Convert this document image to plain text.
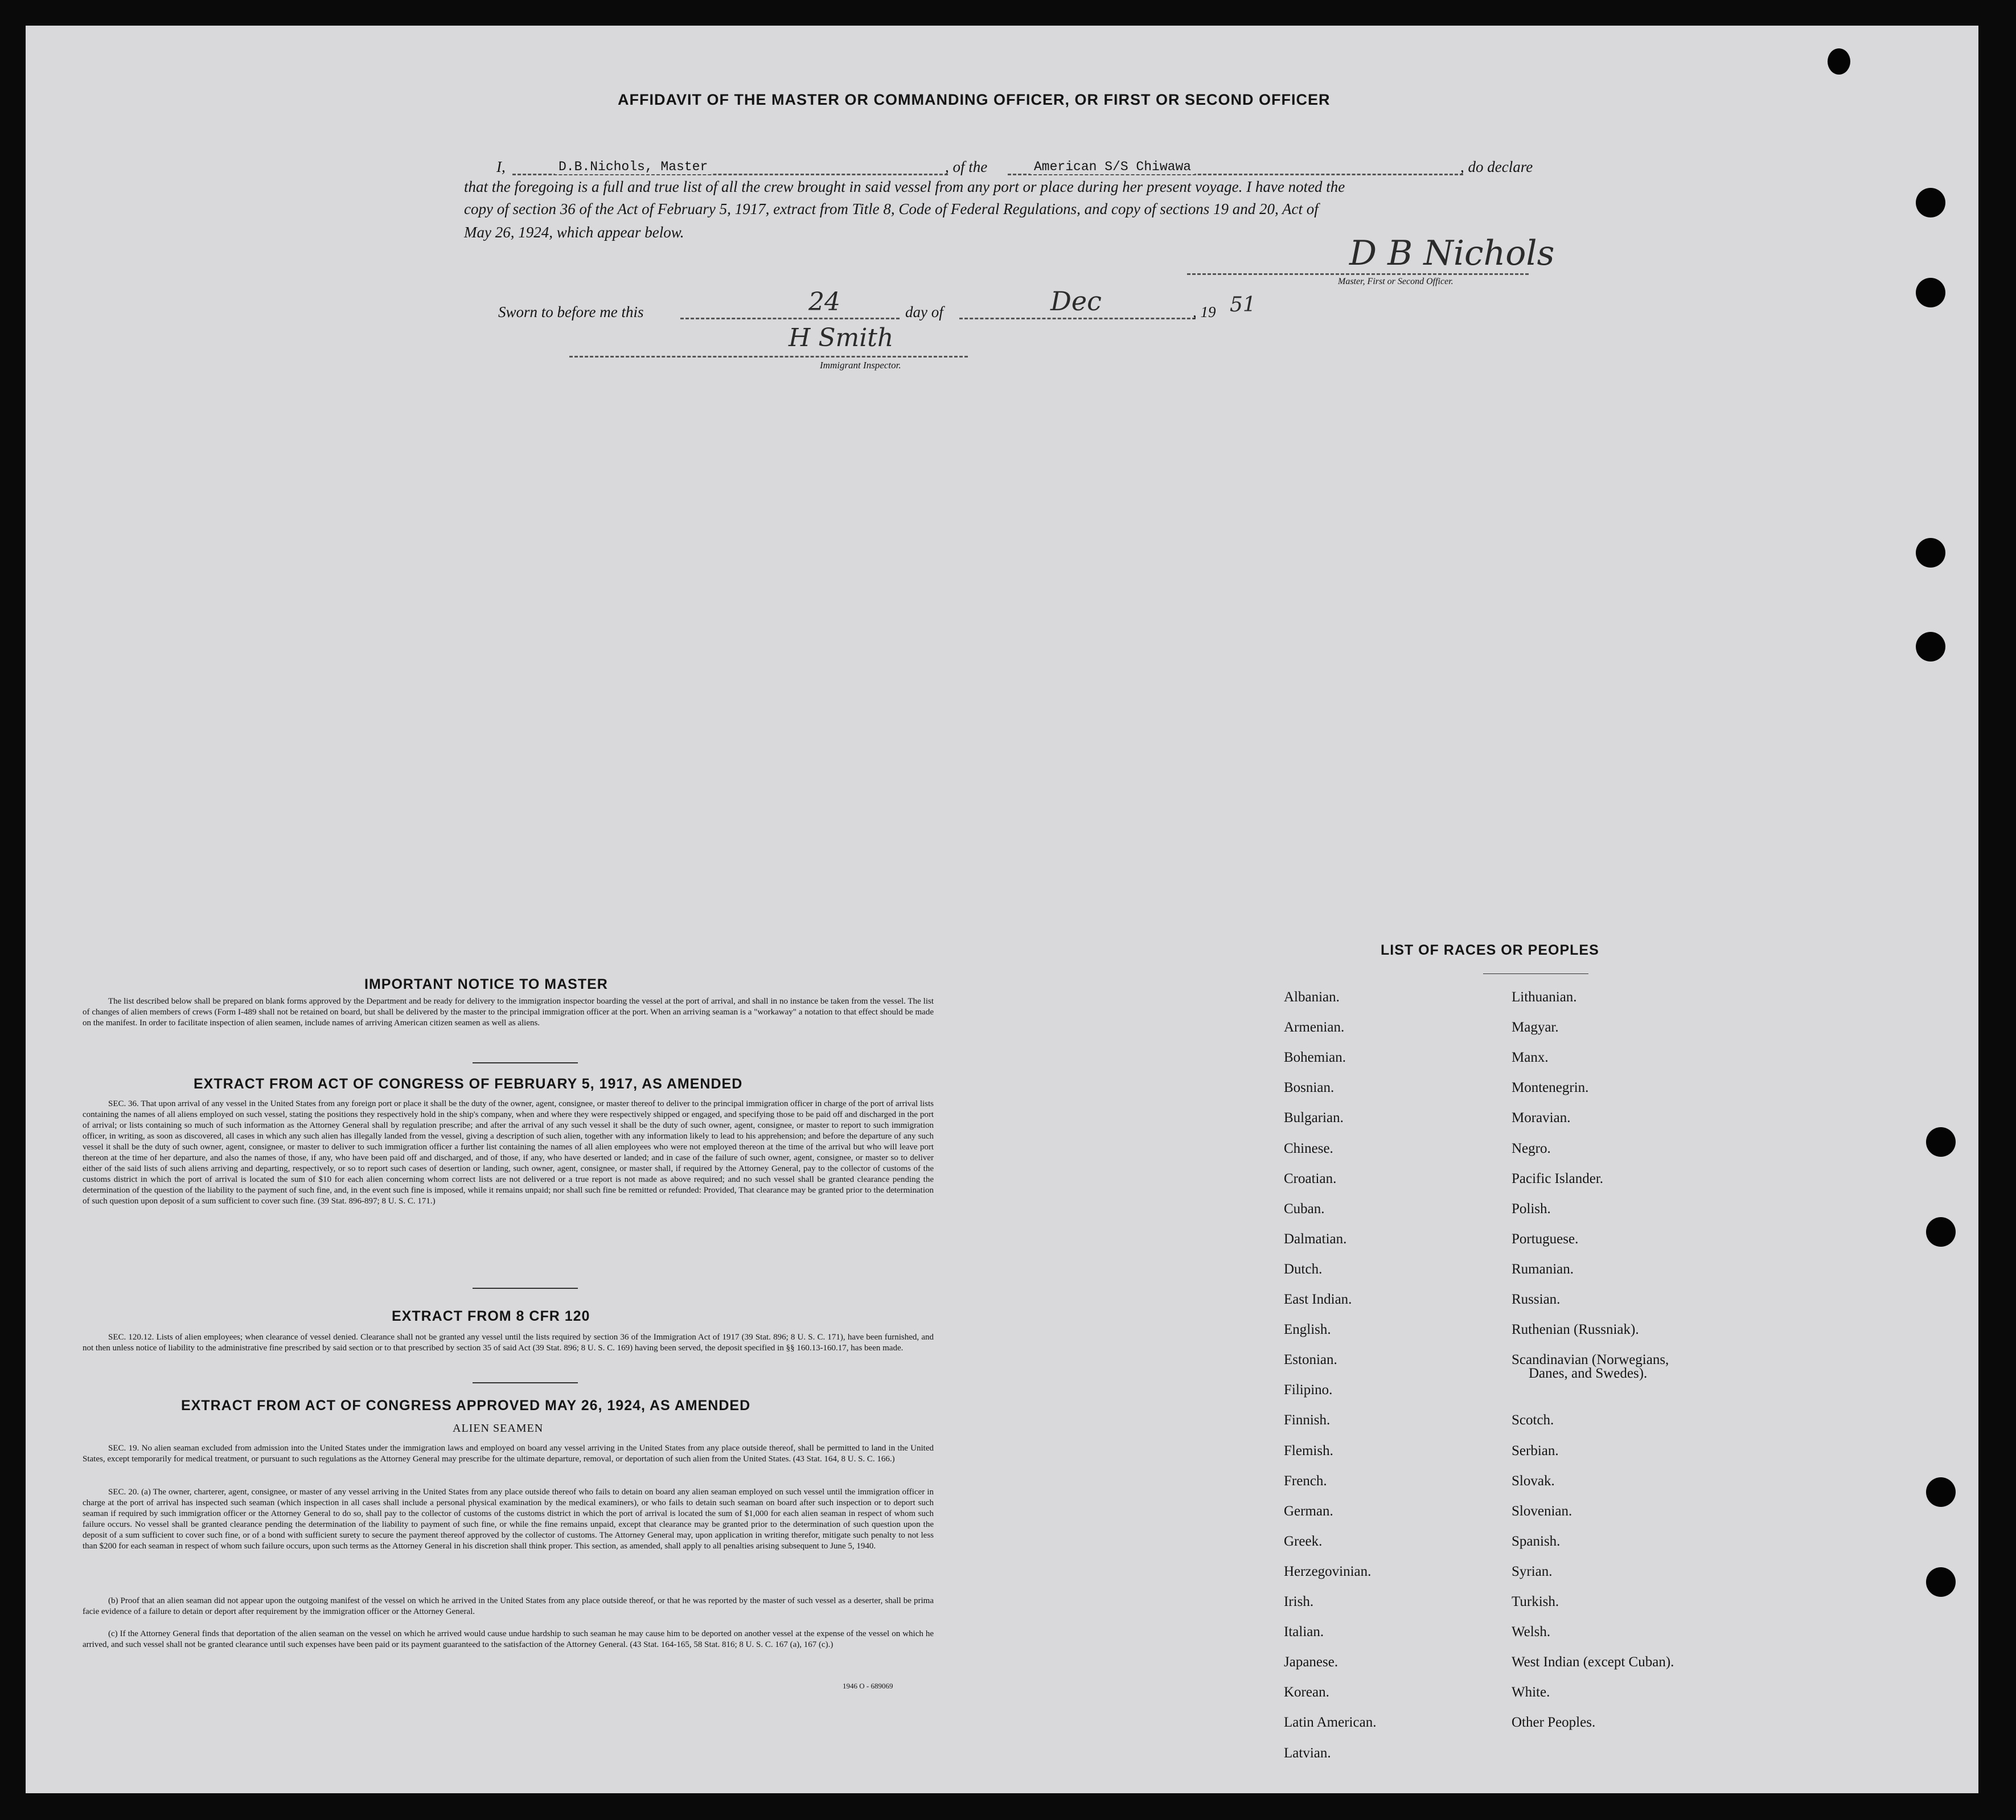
AFFIDAVIT OF THE MASTER OR COMMANDING OFFICER, OR FIRST OR SECOND OFFICER
I,	D.B.Nichols, Master	, of the	American S/S Chiwawa	, do declare
that the foregoing is a full and true list of all the crew brought in said vessel from any port or place during her present voyage. I have noted the
copy of section 36 of the Act of February 5, 1917, extract from Title 8, Code of Federal Regulations, and copy of sections 19 and 20, Act of
May 26, 1924, which appear below.
D B Nichols
Master, First or Second Officer.
Sworn to before me this	24	day of	Dec	, 19 51
H Smith
Immigrant Inspector.
IMPORTANT NOTICE TO MASTER
The list described below shall be prepared on blank forms approved by the Department and be ready for delivery to the immigration inspector boarding the vessel at the port of arrival, and shall in no instance be taken from the vessel. The list of changes of alien members of crews (Form I-489 shall not be retained on board, but shall be delivered by the master to the principal immigration officer at the port. When an arriving seaman is a "workaway" a notation to that effect should be made on the manifest. In order to facilitate inspection of alien seamen, include names of arriving American citizen seamen as well as aliens.
EXTRACT FROM ACT OF CONGRESS OF FEBRUARY 5, 1917, AS AMENDED
SEC. 36. That upon arrival of any vessel in the United States from any foreign port or place it shall be the duty of the owner, agent, consignee, or master thereof to deliver to the principal immigration officer in charge of the port of arrival lists containing the names of all aliens employed on such vessel, stating the positions they respectively hold in the ship's company, when and where they were respectively shipped or engaged, and specifying those to be paid off and discharged in the port of arrival; or lists containing so much of such information as the Attorney General shall by regulation prescribe; and after the arrival of any such vessel it shall be the duty of such owner, agent, consignee, or master to report to such immigration officer, in writing, as soon as discovered, all cases in which any such alien has illegally landed from the vessel, giving a description of such alien, together with any information likely to lead to his apprehension; and before the departure of any such vessel it shall be the duty of such owner, agent, consignee, or master to deliver to such immigration officer a further list containing the names of all alien employees who were not employed thereon at the time of the arrival but who will leave port thereon at the time of her departure, and also the names of those, if any, who have been paid off and discharged, and of those, if any, who have deserted or landed; and in case of the failure of such owner, agent, consignee, or master so to deliver either of the said lists of such aliens arriving and departing, respectively, or so to report such cases of desertion or landing, such owner, agent, consignee, or master shall, if required by the Attorney General, pay to the collector of customs of the customs district in which the port of arrival is located the sum of $10 for each alien concerning whom correct lists are not delivered or a true report is not made as above required; and no such vessel shall be granted clearance pending the determination of the question of the liability to the payment of such fine, and, in the event such fine is imposed, while it remains unpaid; nor shall such fine be remitted or refunded: Provided, That clearance may be granted prior to the determination of such question upon deposit of a sum sufficient to cover such fine. (39 Stat. 896-897; 8 U. S. C. 171.)
EXTRACT FROM 8 CFR 120
SEC. 120.12. Lists of alien employees; when clearance of vessel denied. Clearance shall not be granted any vessel until the lists required by section 36 of the Immigration Act of 1917 (39 Stat. 896; 8 U. S. C. 171), have been furnished, and not then unless notice of liability to the administrative fine prescribed by said section or to that prescribed by section 35 of said Act (39 Stat. 896; 8 U. S. C. 169) having been served, the deposit specified in §§ 160.13-160.17, has been made.
EXTRACT FROM ACT OF CONGRESS APPROVED MAY 26, 1924, AS AMENDED
ALIEN SEAMEN
SEC. 19. No alien seaman excluded from admission into the United States under the immigration laws and employed on board any vessel arriving in the United States from any place outside thereof, shall be permitted to land in the United States, except temporarily for medical treatment, or pursuant to such regulations as the Attorney General may prescribe for the ultimate departure, removal, or deportation of such alien from the United States. (43 Stat. 164, 8 U. S. C. 166.)
SEC. 20. (a) The owner, charterer, agent, consignee, or master of any vessel arriving in the United States from any place outside thereof who fails to detain on board any alien seaman employed on such vessel until the immigration officer in charge at the port of arrival has inspected such seaman (which inspection in all cases shall include a personal physical examination by the medical examiners), or who fails to detain such seaman on board after such inspection or to deport such seaman if required by such immigration officer or the Attorney General to do so, shall pay to the collector of customs of the customs district in which the port of arrival is located the sum of $1,000 for each alien seaman in respect of whom such failure occurs. No vessel shall be granted clearance pending the determination of the liability to payment of such fine, or while the fine remains unpaid, except that clearance may be granted prior to the determination of such question upon the deposit of a sum sufficient to cover such fine, or of a bond with sufficient surety to secure the payment thereof approved by the collector of customs. The Attorney General may, upon application in writing therefor, mitigate such penalty to not less than $200 for each seaman in respect of whom such failure occurs, upon such terms as the Attorney General in his discretion shall think proper. This section, as amended, shall apply to all penalties arising subsequent to June 5, 1940.
(b) Proof that an alien seaman did not appear upon the outgoing manifest of the vessel on which he arrived in the United States from any place outside thereof, or that he was reported by the master of such vessel as a deserter, shall be prima facie evidence of a failure to detain or deport after requirement by the immigration officer or the Attorney General.
(c) If the Attorney General finds that deportation of the alien seaman on the vessel on which he arrived would cause undue hardship to such seaman he may cause him to be deported on another vessel at the expense of the vessel on which he arrived, and such vessel shall not be granted clearance until such expenses have been paid or its payment guaranteed to the satisfaction of the Attorney General. (43 Stat. 164-165, 58 Stat. 816; 8 U. S. C. 167 (a), 167 (c).)
1946 O - 689069
LIST OF RACES OR PEOPLES
Albanian.
Armenian.
Bohemian.
Bosnian.
Bulgarian.
Chinese.
Croatian.
Cuban.
Dalmatian.
Dutch.
East Indian.
English.
Estonian.
Filipino.
Finnish.
Flemish.
French.
German.
Greek.
Herzegovinian.
Irish.
Italian.
Japanese.
Korean.
Latin American.
Latvian.
Lithuanian.
Magyar.
Manx.
Montenegrin.
Moravian.
Negro.
Pacific Islander.
Polish.
Portuguese.
Rumanian.
Russian.
Ruthenian (Russniak).
Scandinavian (Norwegians,
Danes, and Swedes).
Scotch.
Serbian.
Slovak.
Slovenian.
Spanish.
Syrian.
Turkish.
Welsh.
West Indian (except Cuban).
White.
Other Peoples.
